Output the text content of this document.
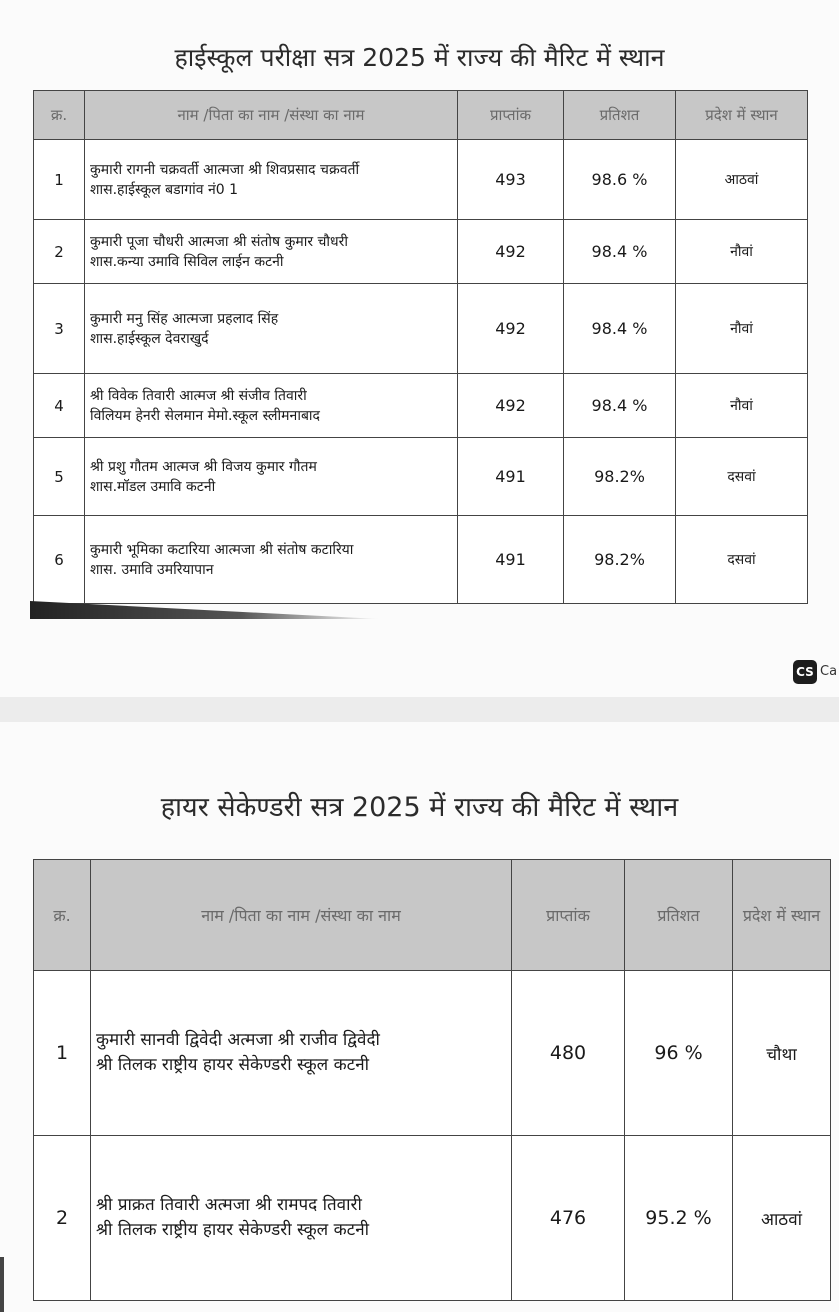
हाईस्कूल परीक्षा सत्र 2025 में राज्य की मैरिट में स्थान
क्र.	नाम /पिता का नाम /संस्था का नाम	प्राप्तांक	प्रतिशत	प्रदेश में स्थान
1	कुमारी रागनी चक्रवर्ती आत्मजा श्री शिवप्रसाद चक्रवर्ती
शास.हाईस्कूल बडागांव नं0 1	493	98.6 %	आठवां
2	कुमारी पूजा चौधरी आत्मजा श्री संतोष कुमार चौधरी
शास.कन्या उमावि सिविल लाईन कटनी	492	98.4 %	नौवां
3	कुमारी मनु सिंह आत्मजा प्रहलाद सिंह
शास.हाईस्कूल देवराखुर्द	492	98.4 %	नौवां
4	श्री विवेक तिवारी आत्मज श्री संजीव तिवारी
विलियम हेनरी सेलमान मेमो.स्कूल स्लीमनाबाद	492	98.4 %	नौवां
5	श्री प्रशु गौतम आत्मज श्री विजय कुमार गौतम
शास.मॉडल उमावि कटनी	491	98.2%	दसवां
6	कुमारी भूमिका कटारिया आत्मजा श्री संतोष कटारिया
शास. उमावि उमरियापान	491	98.2%	दसवां
CS Ca
हायर सेकेण्डरी सत्र 2025 में राज्य की मैरिट में स्थान
क्र.	नाम /पिता का नाम /संस्था का नाम	प्राप्तांक	प्रतिशत	प्रदेश में स्थान
1	कुमारी सानवी द्विवेदी अत्मजा श्री राजीव द्विवेदी
श्री तिलक राष्ट्रीय हायर सेकेण्डरी स्कूल कटनी	480	96 %	चौथा
2	श्री प्राक्रत तिवारी अत्मजा श्री रामपद तिवारी
श्री तिलक राष्ट्रीय हायर सेकेण्डरी स्कूल कटनी	476	95.2 %	आठवां
